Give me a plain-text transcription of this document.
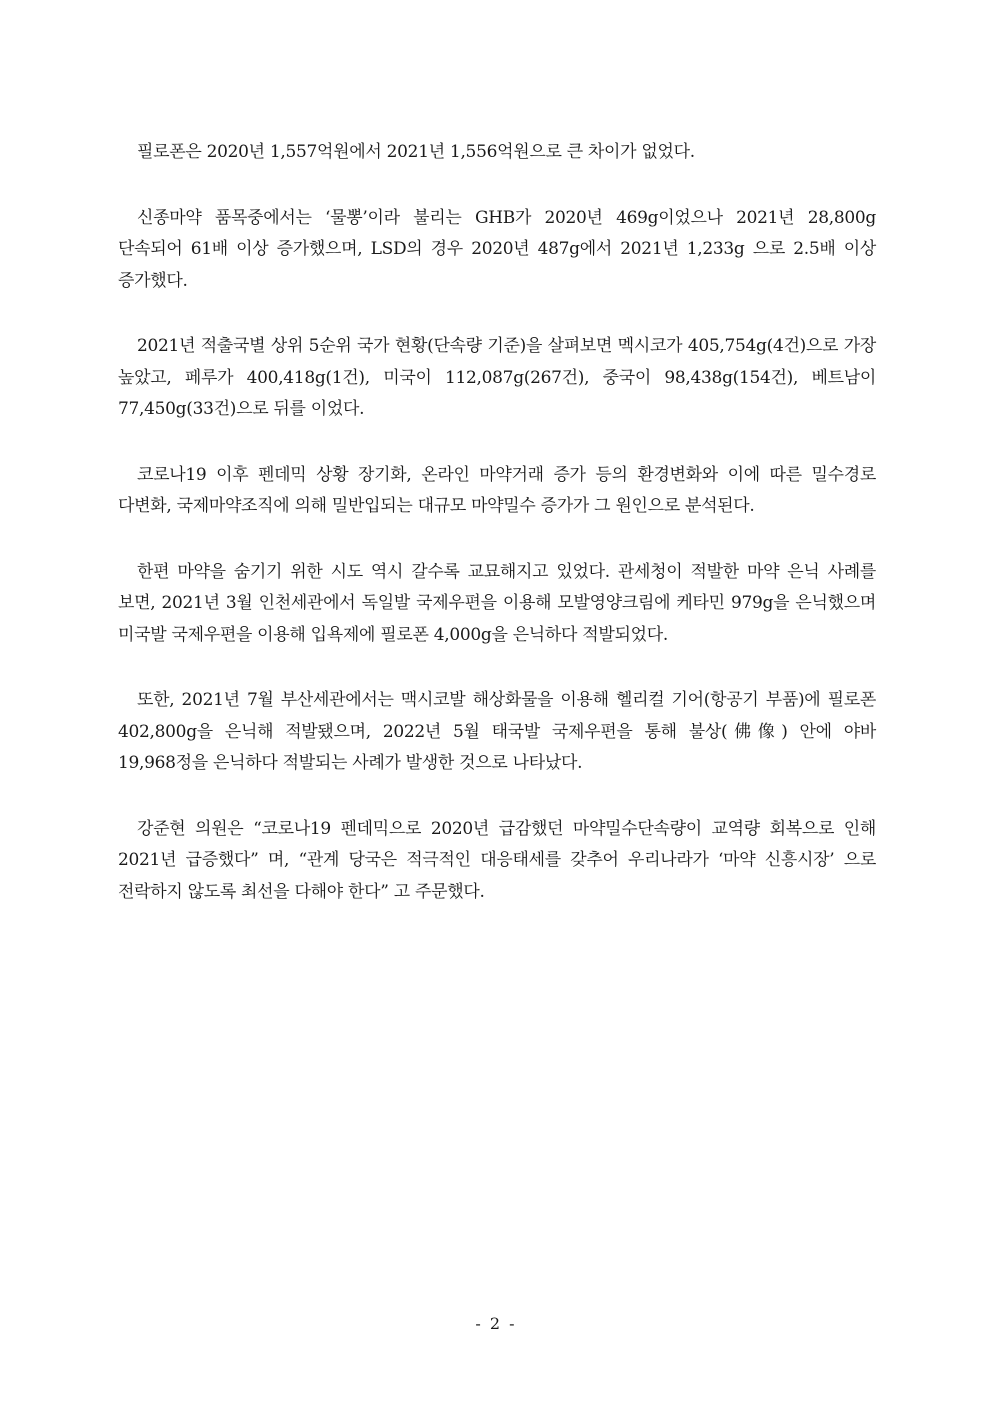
필로폰은 2020년 1,557억원에서 2021년 1,556억원으로 큰 차이가 없었다.

신종마약 품목중에서는 ‘물뽕’이라 불리는 GHB가 2020년 469g이었으나 2021년 28,800g 단속되어 61배 이상 증가했으며, LSD의 경우 2020년 487g에서 2021년 1,233g 으로 2.5배 이상 증가했다.

2021년 적출국별 상위 5순위 국가 현황(단속량 기준)을 살펴보면 멕시코가 405,754g(4건)으로 가장 높았고, 페루가 400,418g(1건), 미국이 112,087g(267건), 중국이 98,438g(154건), 베트남이 77,450g(33건)으로 뒤를 이었다.

코로나19 이후 펜데믹 상황 장기화, 온라인 마약거래 증가 등의 환경변화와 이에 따른 밀수경로 다변화, 국제마약조직에 의해 밀반입되는 대규모 마약밀수 증가가 그 원인으로 분석된다.

한편 마약을 숨기기 위한 시도 역시 갈수록 교묘해지고 있었다. 관세청이 적발한 마약 은닉 사례를 보면, 2021년 3월 인천세관에서 독일발 국제우편을 이용해 모발영양크림에 케타민 979g을 은닉했으며 미국발 국제우편을 이용해 입욕제에 필로폰 4,000g을 은닉하다 적발되었다.

또한, 2021년 7월 부산세관에서는 맥시코발 해상화물을 이용해 헬리컬 기어(항공기 부품)에 필로폰 402,800g을 은닉해 적발됐으며, 2022년 5월 태국발 국제우편을 통해 불상(佛像) 안에 야바 19,968정을 은닉하다 적발되는 사례가 발생한 것으로 나타났다.

강준현 의원은 “코로나19 펜데믹으로 2020년 급감했던 마약밀수단속량이 교역량 회복으로 인해 2021년 급증했다” 며, “관계 당국은 적극적인 대응태세를 갖추어 우리나라가 ‘마약 신흥시장’ 으로 전락하지 않도록 최선을 다해야 한다” 고 주문했다.

- 2 -
